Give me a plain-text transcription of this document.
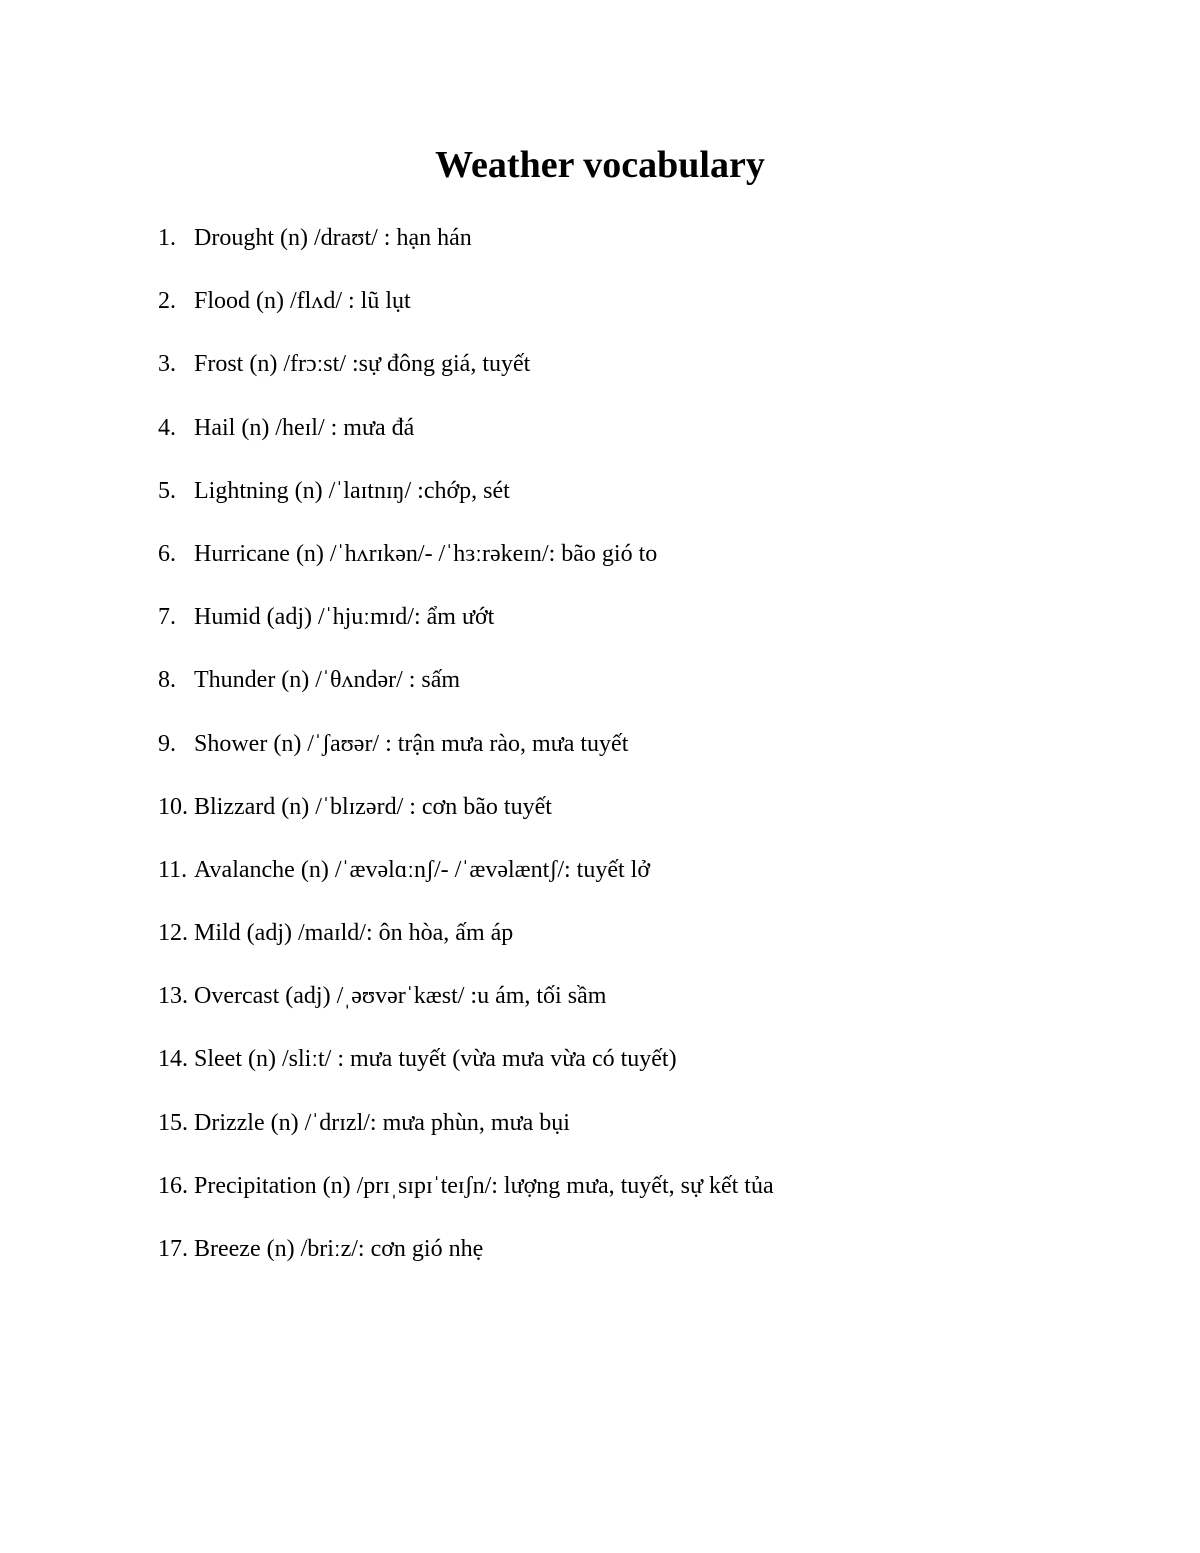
Weather vocabulary
1. Drought (n) /draʊt/ : hạn hán
2. Flood (n) /flʌd/ : lũ lụt
3. Frost (n) /frɔːst/ :sự đông giá, tuyết
4. Hail (n) /heɪl/ : mưa đá
5. Lightning (n) /ˈlaɪtnɪŋ/ :chớp, sét
6. Hurricane (n) /ˈhʌrɪkən/- /ˈhɜːrəkeɪn/: bão gió to
7. Humid (adj) /ˈhjuːmɪd/: ẩm ướt
8. Thunder (n) /ˈθʌndər/ : sấm
9. Shower (n) /ˈʃaʊər/ : trận mưa rào, mưa tuyết
10. Blizzard (n) /ˈblɪzərd/ : cơn bão tuyết
11. Avalanche (n) /ˈævəlɑːnʃ/- /ˈævəlæntʃ/: tuyết lở
12. Mild (adj) /maɪld/: ôn hòa, ấm áp
13. Overcast (adj) /ˌəʊvərˈkæst/ :u ám, tối sầm
14. Sleet (n) /sliːt/ : mưa tuyết (vừa mưa vừa có tuyết)
15. Drizzle (n) /ˈdrɪzl/: mưa phùn, mưa bụi
16. Precipitation (n) /prɪˌsɪpɪˈteɪʃn/: lượng mưa, tuyết, sự kết tủa
17. Breeze (n) /briːz/: cơn gió nhẹ
